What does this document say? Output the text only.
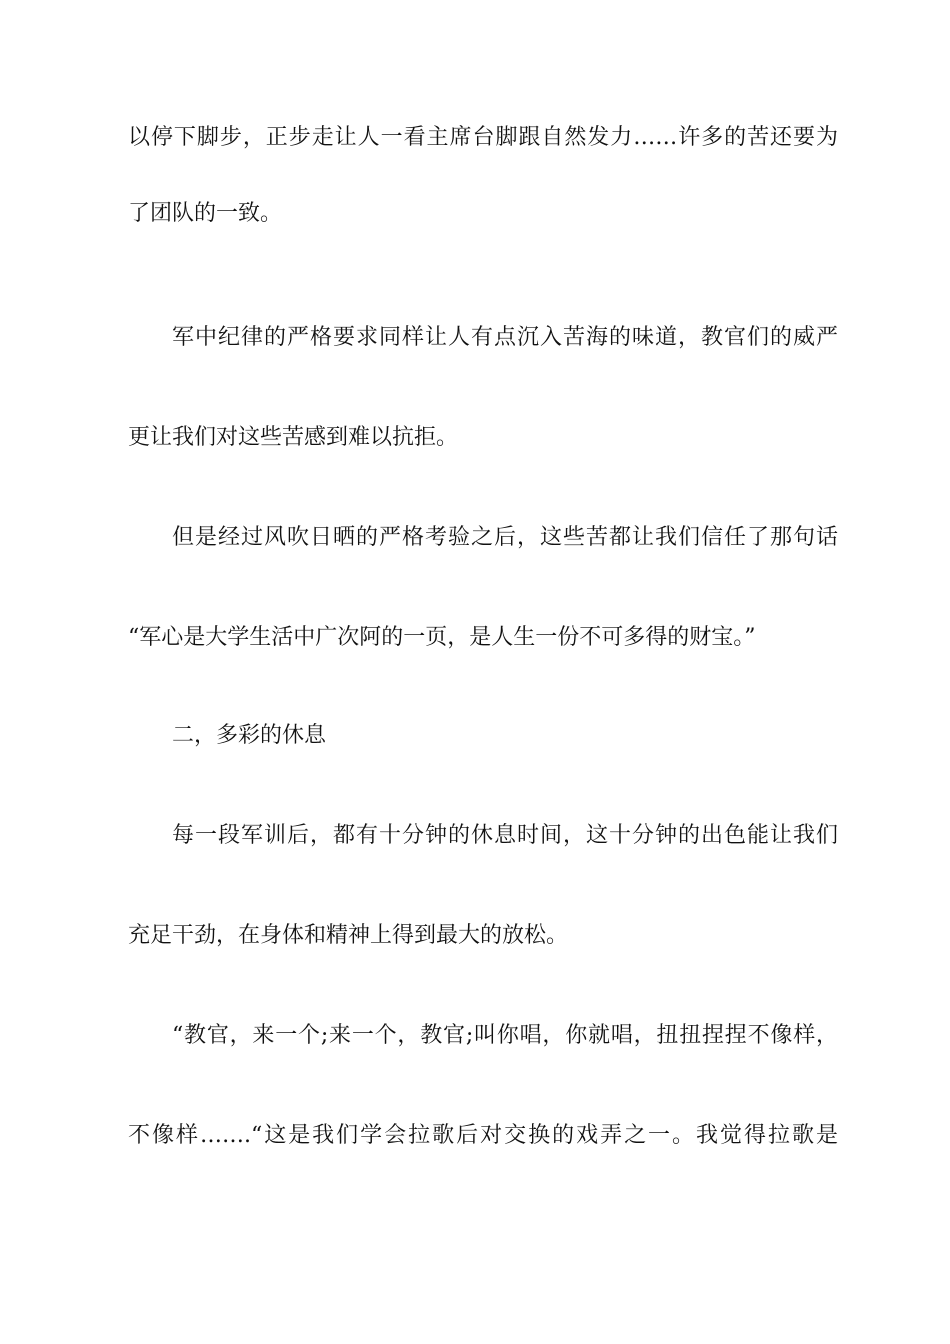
以停下脚步，正步走让人一看主席台脚跟自然发力……许多的苦还要为
了团队的一致。
军中纪律的严格要求同样让人有点沉入苦海的味道，教官们的威严
更让我们对这些苦感到难以抗拒。
但是经过风吹日晒的严格考验之后，这些苦都让我们信任了那句话
“军心是大学生活中广次阿的一页，是人生一份不可多得的财宝。”
二，多彩的休息
每一段军训后，都有十分钟的休息时间，这十分钟的出色能让我们
充足干劲，在身体和精神上得到最大的放松。
“教官，来一个;来一个，教官;叫你唱，你就唱，扭扭捏捏不像样，
不像样…….“这是我们学会拉歌后对交换的戏弄之一。我觉得拉歌是
